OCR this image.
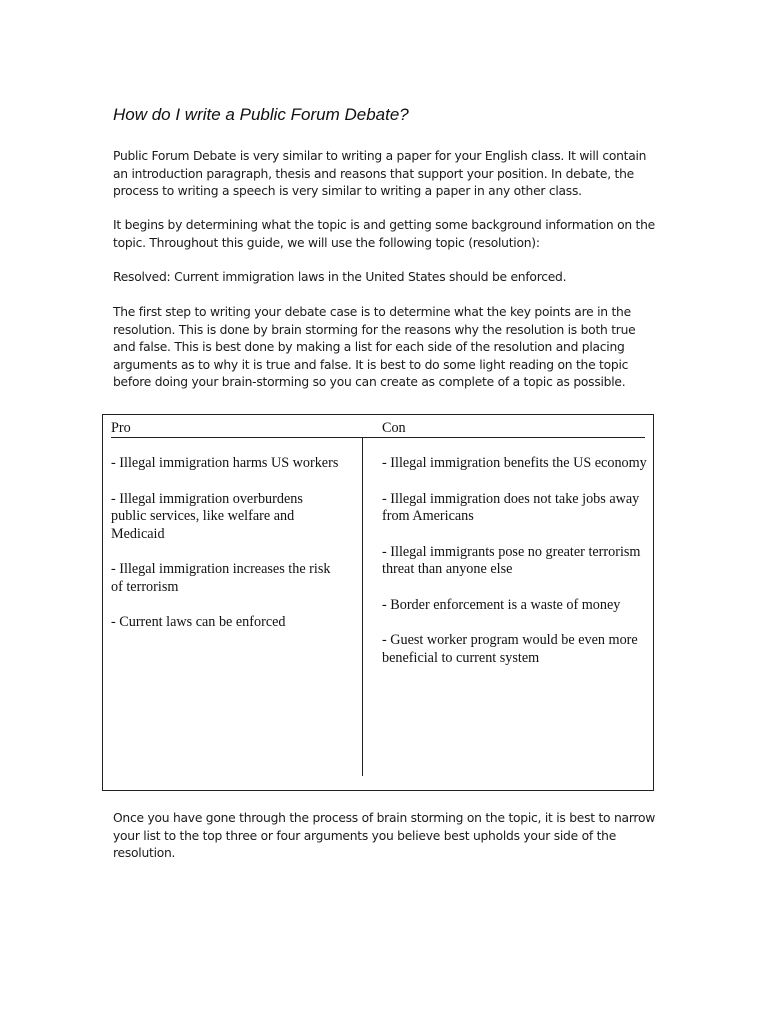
How do I write a Public Forum Debate?

Public Forum Debate is very similar to writing a paper for your English class. It will contain an introduction paragraph, thesis and reasons that support your position. In debate, the process to writing a speech is very similar to writing a paper in any other class.

It begins by determining what the topic is and getting some background information on the topic. Throughout this guide, we will use the following topic (resolution):

Resolved: Current immigration laws in the United States should be enforced.

The first step to writing your debate case is to determine what the key points are in the resolution. This is done by brain storming for the reasons why the resolution is both true and false. This is best done by making a list for each side of the resolution and placing arguments as to why it is true and false. It is best to do some light reading on the topic before doing your brain-storming so you can create as complete of a topic as possible.

Pro	Con
- Illegal immigration harms US workers
- Illegal immigration overburdens public services, like welfare and Medicaid
- Illegal immigration increases the risk of terrorism
- Current laws can be enforced
- Illegal immigration benefits the US economy
- Illegal immigration does not take jobs away from Americans
- Illegal immigrants pose no greater terrorism threat than anyone else
- Border enforcement is a waste of money
- Guest worker program would be even more beneficial to current system

Once you have gone through the process of brain storming on the topic, it is best to narrow your list to the top three or four arguments you believe best upholds your side of the resolution.
